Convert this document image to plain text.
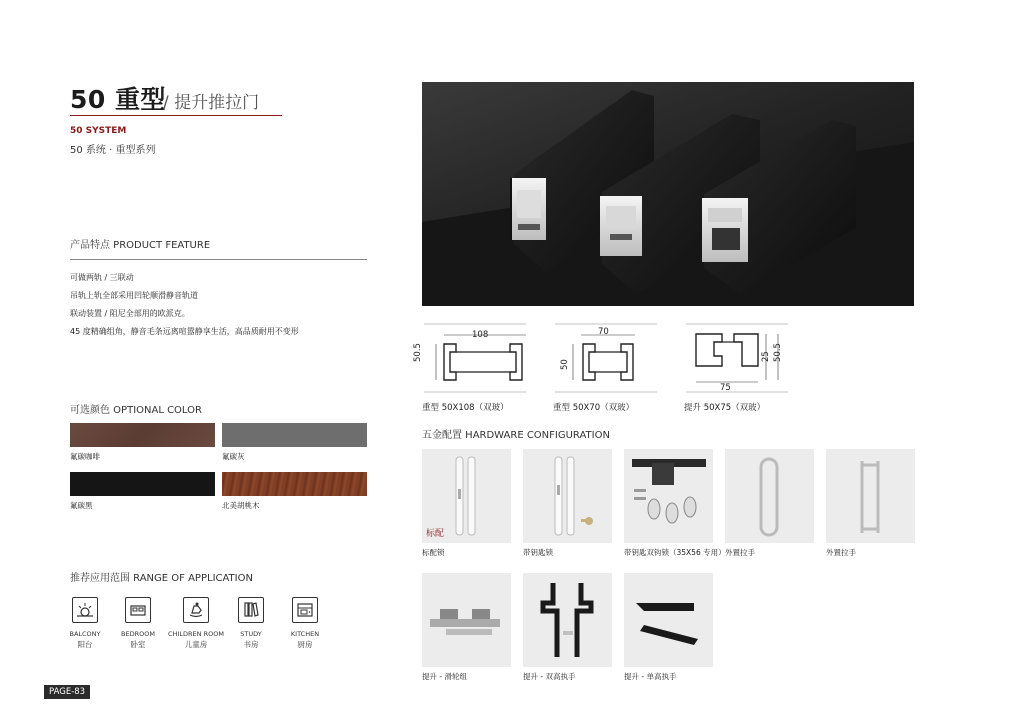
50 重型
/ 提升推拉门
50 SYSTEM
50 系统 · 重型系列
产品特点 PRODUCT FEATURE
可做两轨 / 三联动
吊轨上轨全部采用凹轮顺滑静音轨道
联动装置 / 阻尼全部用的欧派克。
45 度精确组角，静音毛条远离喧嚣静享生活，高品质耐用不变形
可选颜色 OPTIONAL COLOR
氟碳咖啡	氟碳灰
氟碳黑	北美胡桃木
推荐应用范围 RANGE OF APPLICATION
BALCONY
阳台
BEDROOM
卧室
CHILDREN ROOM
儿童房
STUDY
书房
KITCHEN
厨房
PAGE-83
108
50.5
重型 50X108（双玻）
70
50
重型 50X70（双玻）
75
25 50.5
提升 50X75（双玻）
五金配置 HARDWARE CONFIGURATION
标配
标配锁	带钥匙锁	带钥匙双钩锁（35X56 专用） 外置拉手	外置拉手
提升 - 滑轮组	提升 - 双高执手	提升 - 单高执手
